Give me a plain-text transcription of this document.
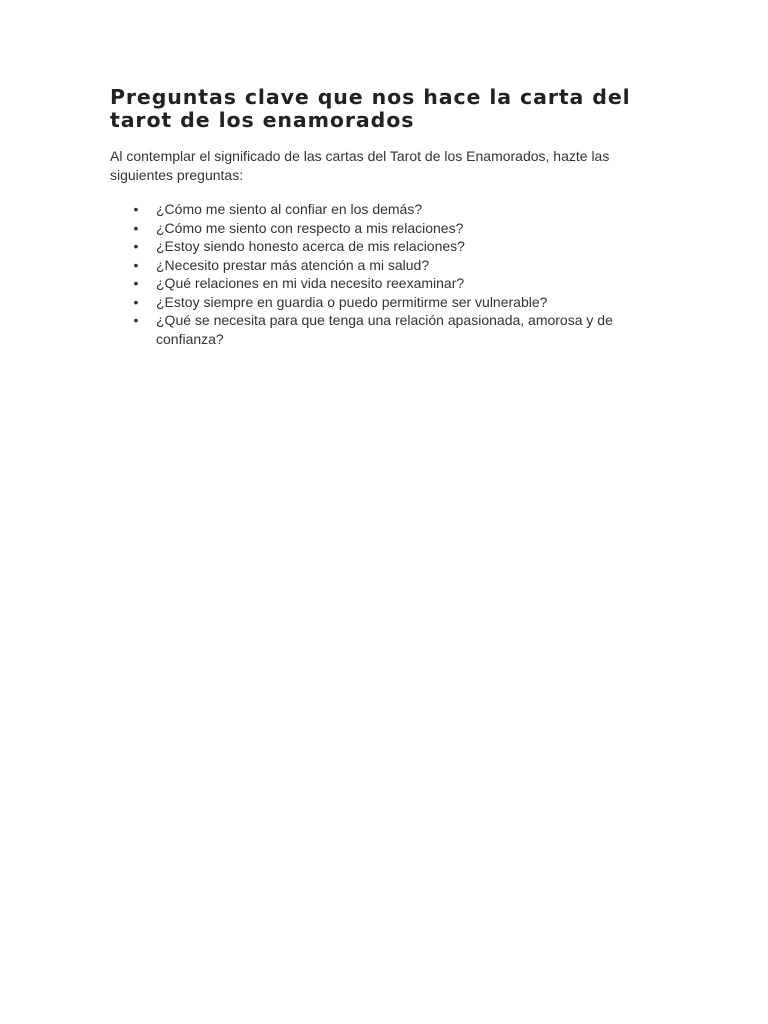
Preguntas clave que nos hace la carta del tarot de los enamorados

Al contemplar el significado de las cartas del Tarot de los Enamorados, hazte las siguientes preguntas:

• ¿Cómo me siento al confiar en los demás?
• ¿Cómo me siento con respecto a mis relaciones?
• ¿Estoy siendo honesto acerca de mis relaciones?
• ¿Necesito prestar más atención a mi salud?
• ¿Qué relaciones en mi vida necesito reexaminar?
• ¿Estoy siempre en guardia o puedo permitirme ser vulnerable?
• ¿Qué se necesita para que tenga una relación apasionada, amorosa y de confianza?
